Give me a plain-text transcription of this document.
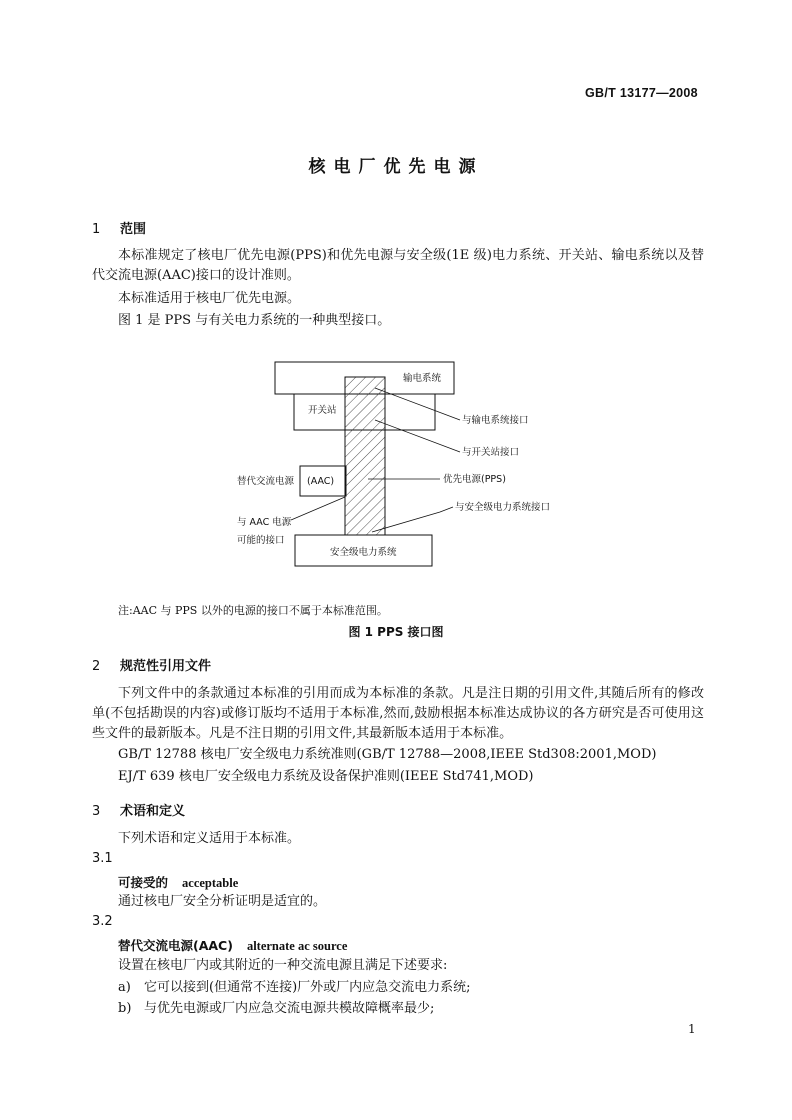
GB/T 13177—2008
核电厂优先电源
1 范围
本标准规定了核电厂优先电源(PPS)和优先电源与安全级(1E 级)电力系统、开关站、输电系统以及替代交流电源(AAC)接口的设计准则。
本标准适用于核电厂优先电源。
图 1 是 PPS 与有关电力系统的一种典型接口。
输电系统
开关站
(AAC)
替代交流电源
安全级电力系统
与输电系统接口
与开关站接口
优先电源(PPS)
与安全级电力系统接口
与 AAC 电源
可能的接口
注:AAC 与 PPS 以外的电源的接口不属于本标准范围。
图 1 PPS 接口图
2 规范性引用文件
下列文件中的条款通过本标准的引用而成为本标准的条款。凡是注日期的引用文件,其随后所有的修改单(不包括勘误的内容)或修订版均不适用于本标准,然而,鼓励根据本标准达成协议的各方研究是否可使用这些文件的最新版本。凡是不注日期的引用文件,其最新版本适用于本标准。
GB/T 12788 核电厂安全级电力系统准则(GB/T 12788—2008,IEEE Std308:2001,MOD)
EJ/T 639 核电厂安全级电力系统及设备保护准则(IEEE Std741,MOD)
3 术语和定义
下列术语和定义适用于本标准。
3.1
可接受的 acceptable
通过核电厂安全分析证明是适宜的。
3.2
替代交流电源(AAC) alternate ac source
设置在核电厂内或其附近的一种交流电源且满足下述要求:
a) 它可以接到(但通常不连接)厂外或厂内应急交流电力系统;
b) 与优先电源或厂内应急交流电源共模故障概率最少;
1
